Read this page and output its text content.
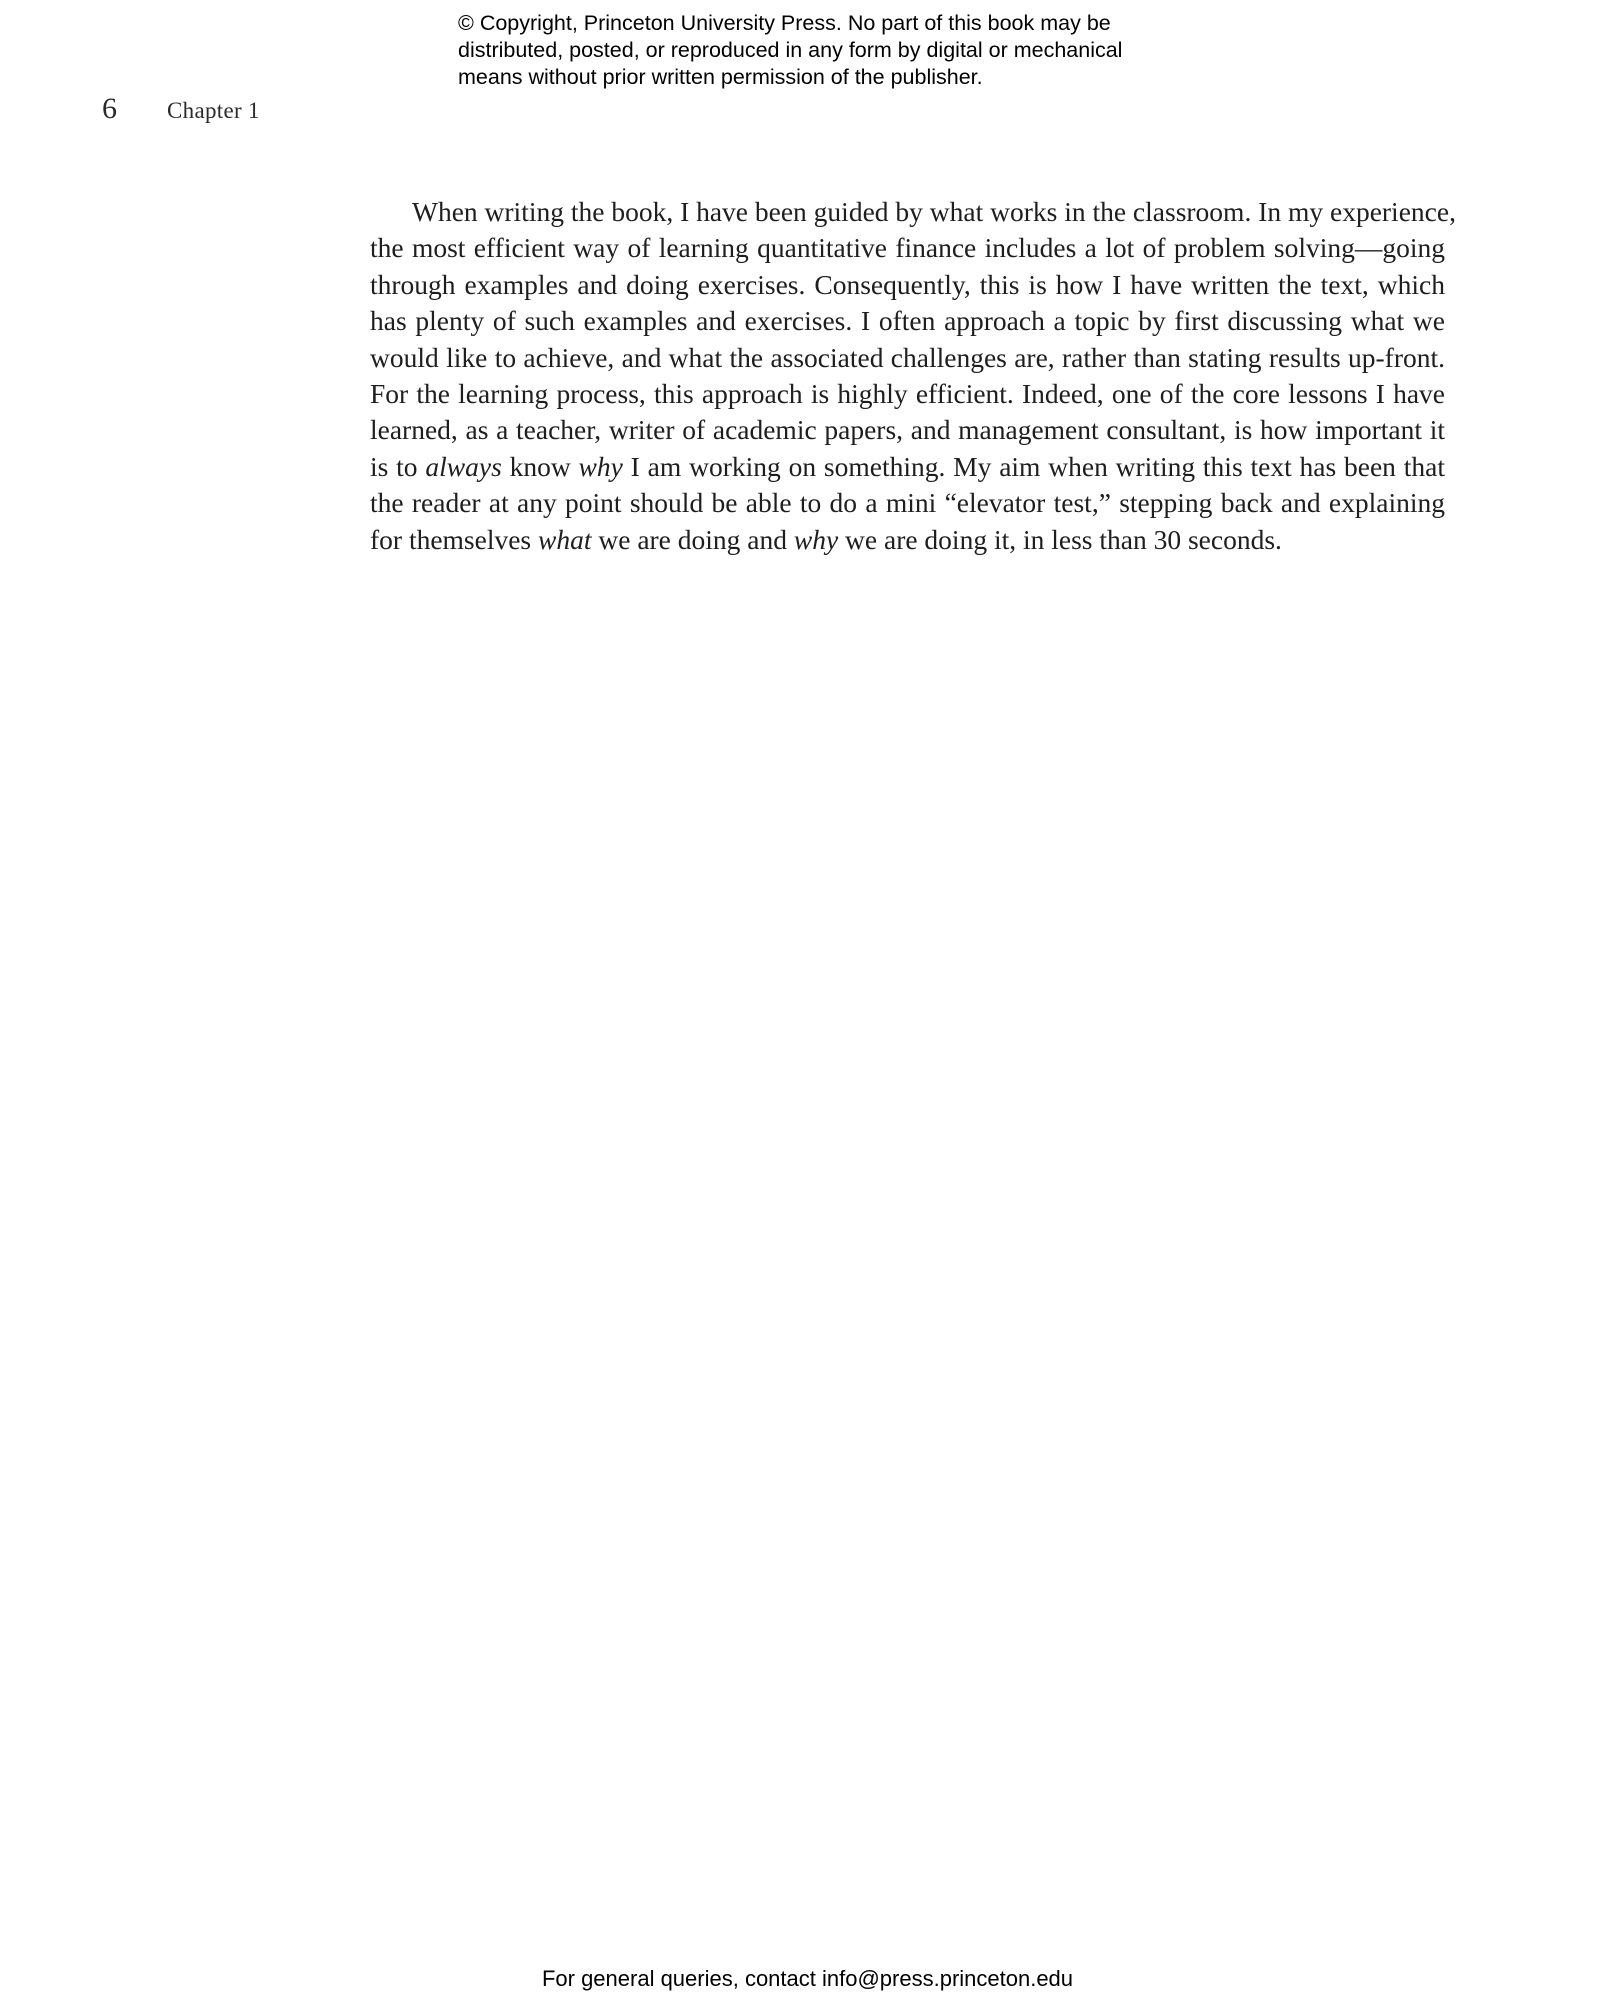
© Copyright, Princeton University Press. No part of this book may be
distributed, posted, or reproduced in any form by digital or mechanical
means without prior written permission of the publisher.
6 Chapter 1
When writing the book, I have been guided by what works in the classroom. In my experience,
the most efficient way of learning quantitative finance includes a lot of problem solving—going
through examples and doing exercises. Consequently, this is how I have written the text, which
has plenty of such examples and exercises. I often approach a topic by first discussing what we
would like to achieve, and what the associated challenges are, rather than stating results up-front.
For the learning process, this approach is highly efficient. Indeed, one of the core lessons I have
learned, as a teacher, writer of academic papers, and management consultant, is how important it
is to always know why I am working on something. My aim when writing this text has been that
the reader at any point should be able to do a mini “elevator test,” stepping back and explaining
for themselves what we are doing and why we are doing it, in less than 30 seconds.
For general queries, contact info@press.princeton.edu
